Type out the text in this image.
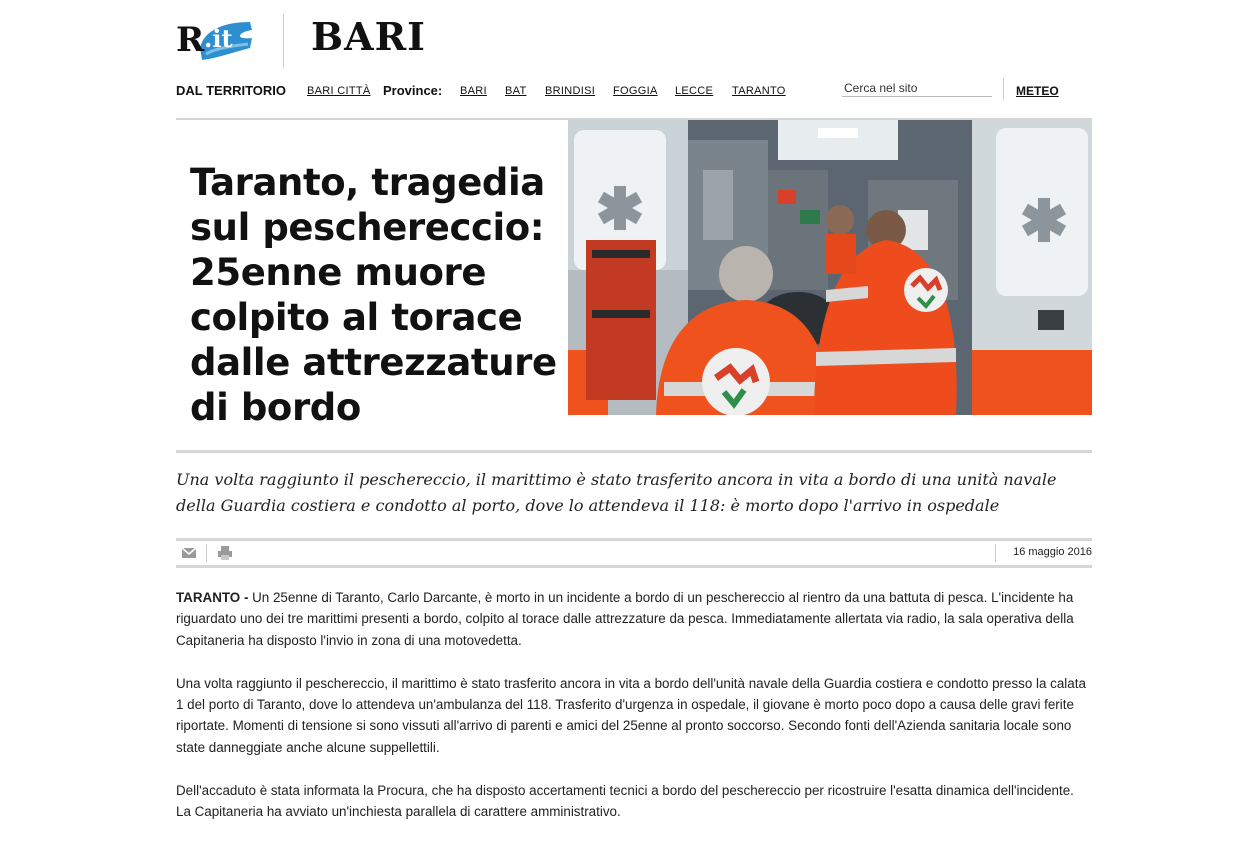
R .it BARI
DAL TERRITORIO BARI CITTÀ Province: BARI BAT BRINDISI FOGGIA LECCE TARANTO
Cerca nel sito	METEO
Taranto, tragedia sul peschereccio: 25enne muore colpito al torace dalle attrezzature di bordo

Una volta raggiunto il peschereccio, il marittimo è stato trasferito ancora in vita a bordo di una unità navale della Guardia costiera e condotto al porto, dove lo attendeva il 118: è morto dopo l'arrivo in ospedale

16 maggio 2016

TARANTO - Un 25enne di Taranto, Carlo Darcante, è morto in un incidente a bordo di un peschereccio al rientro da una battuta di pesca. L'incidente ha riguardato uno dei tre marittimi presenti a bordo, colpito al torace dalle attrezzature da pesca. Immediatamente allertata via radio, la sala operativa della Capitaneria ha disposto l'invio in zona di una motovedetta.

Una volta raggiunto il peschereccio, il marittimo è stato trasferito ancora in vita a bordo dell'unità navale della Guardia costiera e condotto presso la calata 1 del porto di Taranto, dove lo attendeva un'ambulanza del 118. Trasferito d'urgenza in ospedale, il giovane è morto poco dopo a causa delle gravi ferite riportate. Momenti di tensione si sono vissuti all'arrivo di parenti e amici del 25enne al pronto soccorso. Secondo fonti dell'Azienda sanitaria locale sono state danneggiate anche alcune suppellettili.

Dell'accaduto è stata informata la Procura, che ha disposto accertamenti tecnici a bordo del peschereccio per ricostruire l'esatta dinamica dell'incidente. La Capitaneria ha avviato un'inchiesta parallela di carattere amministrativo.
